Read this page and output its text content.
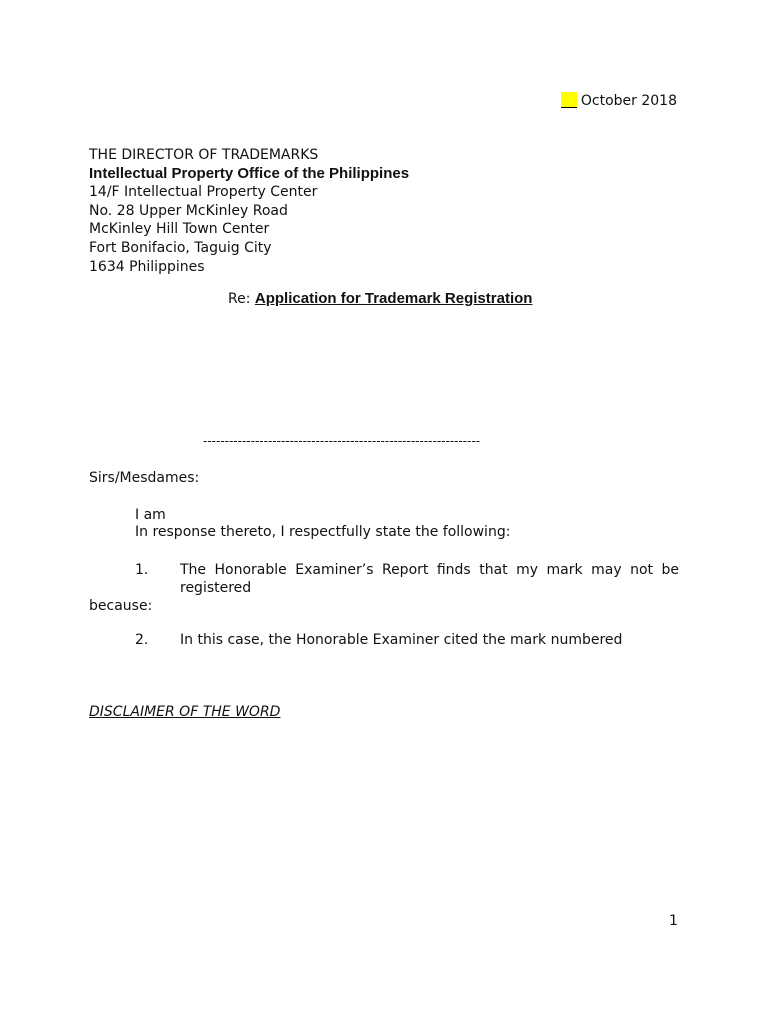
October 2018
THE DIRECTOR OF TRADEMARKS
Intellectual Property Office of the Philippines
14/F Intellectual Property Center
No. 28 Upper McKinley Road
McKinley Hill Town Center
Fort Bonifacio, Taguig City
1634 Philippines
Re: Application for Trademark Registration
----------------------------------------------------------------
Sirs/Mesdames:
I am
In response thereto, I respectfully state the following:
1.	The Honorable Examiner’s Report finds that my mark may not be registered
because:
2. In this case, the Honorable Examiner cited the mark numbered
DISCLAIMER OF THE WORD
1
